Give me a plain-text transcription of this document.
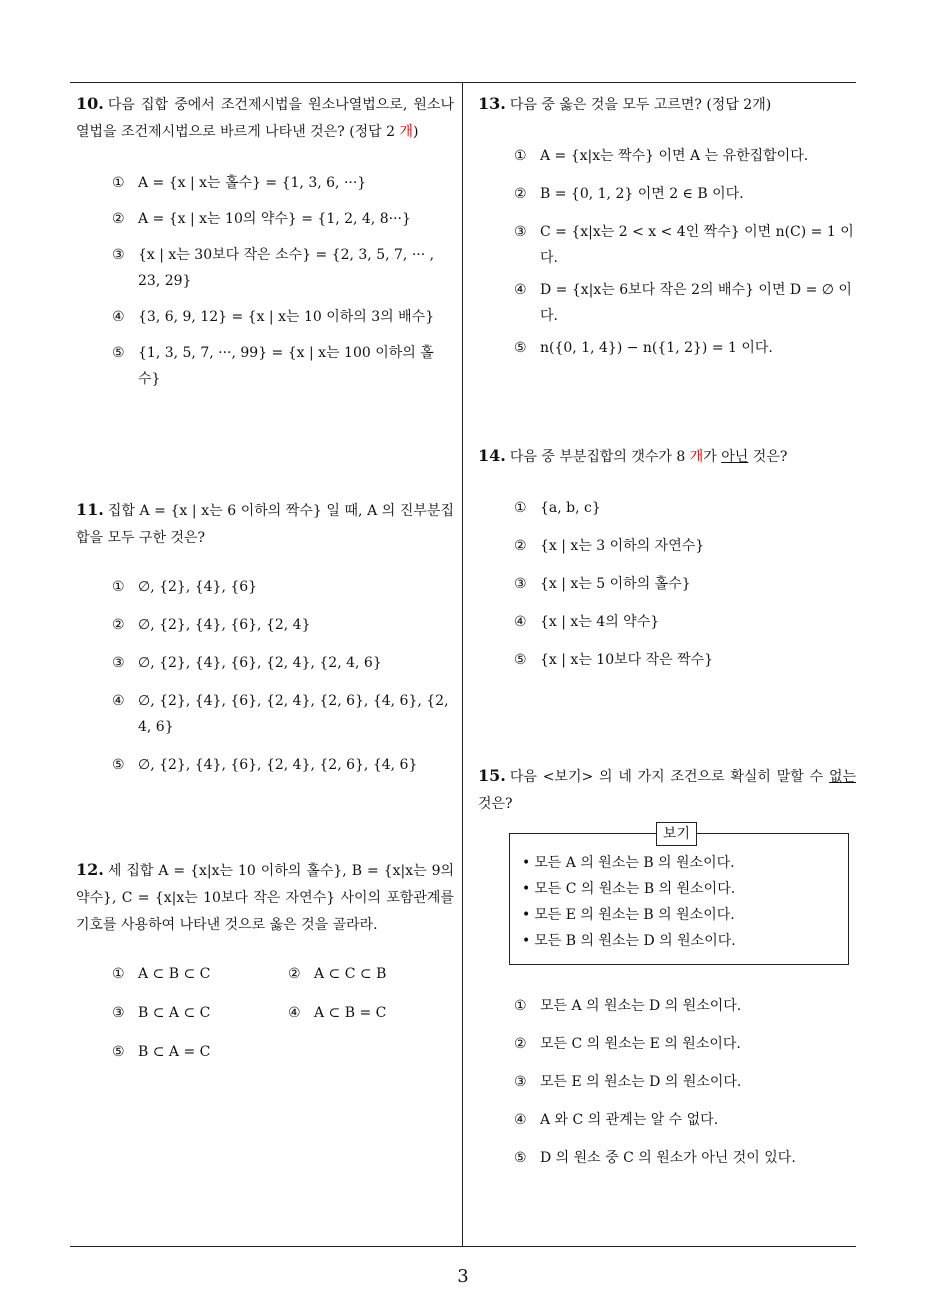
10. 다음 집합 중에서 조건제시법을 원소나열법으로, 원소나열법을 조건제시법으로 바르게 나타낸 것은? (정답 2 개)

① A = {x | x는 홀수} = {1, 3, 6, ···}
② A = {x | x는 10의 약수} = {1, 2, 4, 8···}
③ {x | x는 30보다 작은 소수} = {2, 3, 5, 7, ··· , 23, 29}
④ {3, 6, 9, 12} = {x | x는 10 이하의 3의 배수}
⑤ {1, 3, 5, 7, ···, 99} = {x | x는 100 이하의 홀수}

11. 집합 A = {x | x는 6 이하의 짝수} 일 때, A 의 진부분집합을 모두 구한 것은?

① ∅, {2}, {4}, {6}
② ∅, {2}, {4}, {6}, {2, 4}
③ ∅, {2}, {4}, {6}, {2, 4}, {2, 4, 6}
④ ∅, {2}, {4}, {6}, {2, 4}, {2, 6}, {4, 6}, {2, 4, 6}
⑤ ∅, {2}, {4}, {6}, {2, 4}, {2, 6}, {4, 6}

12. 세 집합 A = {x|x는 10 이하의 홀수}, B = {x|x는 9의 약수}, C = {x|x는 10보다 작은 자연수} 사이의 포함관계를 기호를 사용하여 나타낸 것으로 옳은 것을 골라라.

① A ⊂ B ⊂ C	② A ⊂ C ⊂ B
③ B ⊂ A ⊂ C	④ A ⊂ B = C
⑤ B ⊂ A = C

13. 다음 중 옳은 것을 모두 고르면? (정답 2개)

① A = {x|x는 짝수} 이면 A 는 유한집합이다.
② B = {0, 1, 2} 이면 2 ∈ B 이다.
③ C = {x|x는 2 < x < 4인 짝수} 이면 n(C) = 1 이다.
④ D = {x|x는 6보다 작은 2의 배수} 이면 D = ∅ 이다.
⑤ n({0, 1, 4}) − n({1, 2}) = 1 이다.

14. 다음 중 부분집합의 갯수가 8 개가 아닌 것은?

① {a, b, c}
② {x | x는 3 이하의 자연수}
③ {x | x는 5 이하의 홀수}
④ {x | x는 4의 약수}
⑤ {x | x는 10보다 작은 짝수}

15. 다음 <보기> 의 네 가지 조건으로 확실히 말할 수 없는 것은?

보기
• 모든 A 의 원소는 B 의 원소이다.
• 모든 C 의 원소는 B 의 원소이다.
• 모든 E 의 원소는 B 의 원소이다.
• 모든 B 의 원소는 D 의 원소이다.
① 모든 A 의 원소는 D 의 원소이다.
② 모든 C 의 원소는 E 의 원소이다.
③ 모든 E 의 원소는 D 의 원소이다.
④ A 와 C 의 관계는 알 수 없다.
⑤ D 의 원소 중 C 의 원소가 아닌 것이 있다.
3
